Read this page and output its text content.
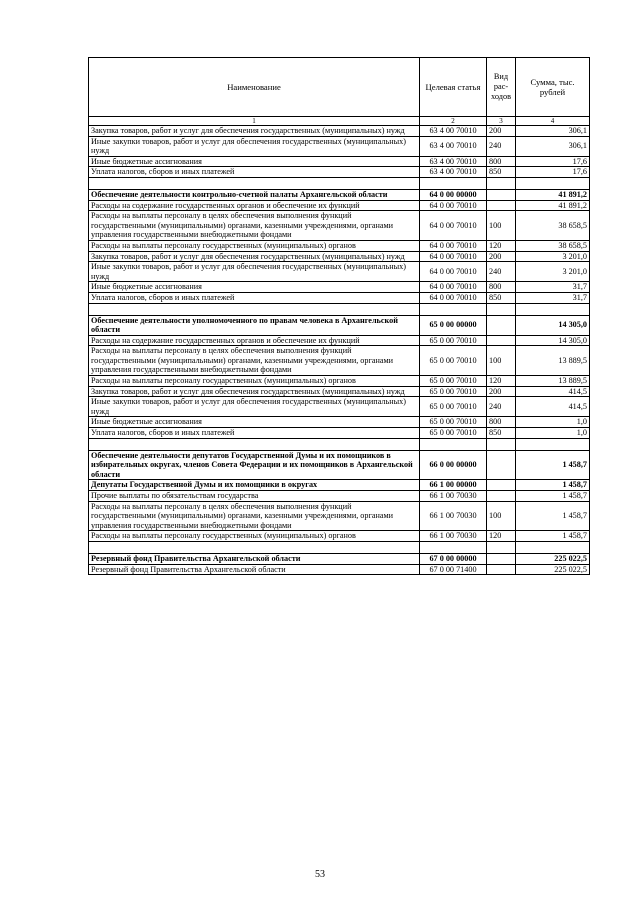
Наименование	Целевая статья	Вид рас-ходов	Сумма, тыс. рублей
1	2	3	4
Закупка товаров, работ и услуг для обеспечения государственных (муниципальных) нужд	63 4 00 70010	200	306,1
Иные закупки товаров, работ и услуг для обеспечения государственных (муниципальных) нужд	63 4 00 70010	240	306,1
Иные бюджетные ассигнования	63 4 00 70010	800	17,6
Уплата налогов, сборов и иных платежей	63 4 00 70010	850	17,6

Обеспечение деятельности контрольно-счетной палаты Архангельской области	64 0 00 00000		41 891,2
Расходы на содержание государственных органов и обеспечение их функций	64 0 00 70010		41 891,2
Расходы на выплаты персоналу в целях обеспечения выполнения функций государственными (муниципальными) органами, казенными учреждениями, органами управления государственными внебюджетными фондами	64 0 00 70010	100	38 658,5
Расходы на выплаты персоналу государственных (муниципальных) органов	64 0 00 70010	120	38 658,5
Закупка товаров, работ и услуг для обеспечения государственных (муниципальных) нужд	64 0 00 70010	200	3 201,0
Иные закупки товаров, работ и услуг для обеспечения государственных (муниципальных) нужд	64 0 00 70010	240	3 201,0
Иные бюджетные ассигнования	64 0 00 70010	800	31,7
Уплата налогов, сборов и иных платежей	64 0 00 70010	850	31,7

Обеспечение деятельности уполномоченного по правам человека в Архангельской области	65 0 00 00000		14 305,0
Расходы на содержание государственных органов и обеспечение их функций	65 0 00 70010		14 305,0
Расходы на выплаты персоналу в целях обеспечения выполнения функций государственными (муниципальными) органами, казенными учреждениями, органами управления государственными внебюджетными фондами	65 0 00 70010	100	13 889,5
Расходы на выплаты персоналу государственных (муниципальных) органов	65 0 00 70010	120	13 889,5
Закупка товаров, работ и услуг для обеспечения государственных (муниципальных) нужд	65 0 00 70010	200	414,5
Иные закупки товаров, работ и услуг для обеспечения государственных (муниципальных) нужд	65 0 00 70010	240	414,5
Иные бюджетные ассигнования	65 0 00 70010	800	1,0
Уплата налогов, сборов и иных платежей	65 0 00 70010	850	1,0

Обеспечение деятельности депутатов Государственной Думы и их помощников в избирательных округах, членов Совета Федерации и их помощников в Архангельской области	66 0 00 00000		1 458,7
Депутаты Государственной Думы и их помощники в округах	66 1 00 00000		1 458,7
Прочие выплаты по обязательствам государства	66 1 00 70030		1 458,7
Расходы на выплаты персоналу в целях обеспечения выполнения функций государственными (муниципальными) органами, казенными учреждениями, органами управления государственными внебюджетными фондами	66 1 00 70030	100	1 458,7
Расходы на выплаты персоналу государственных (муниципальных) органов	66 1 00 70030	120	1 458,7

Резервный фонд Правительства Архангельской области	67 0 00 00000		225 022,5
Резервный фонд Правительства Архангельской области	67 0 00 71400		225 022,5
53
